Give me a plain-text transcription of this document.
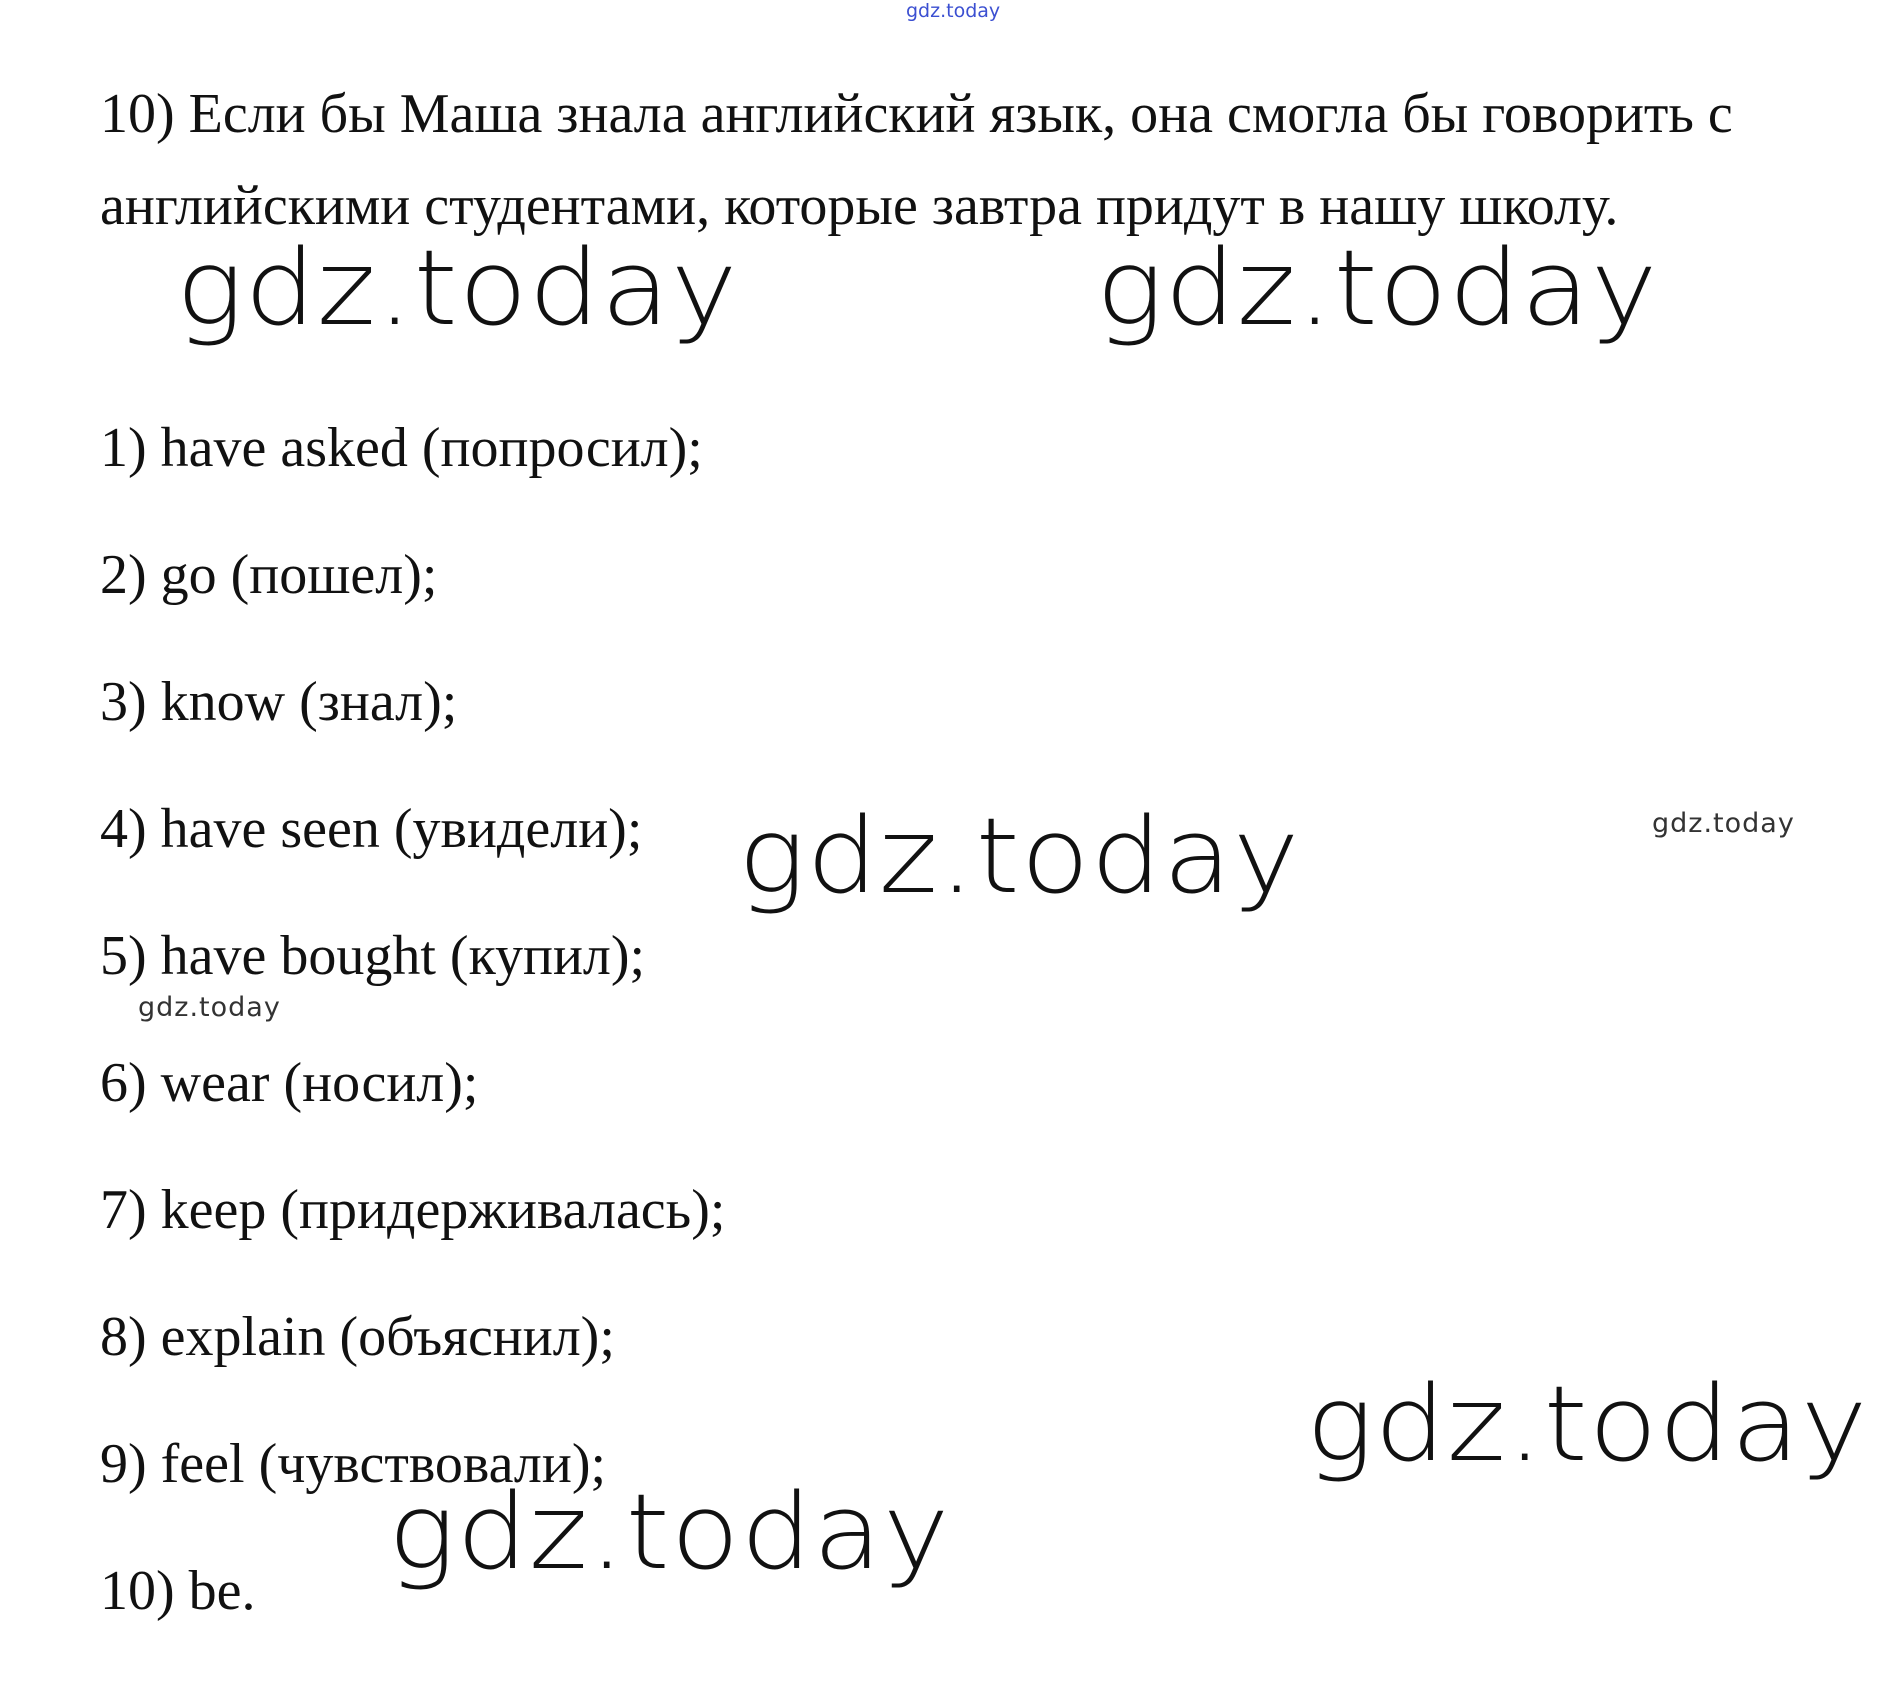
gdz.today

10) Если бы Маша знала английский язык, она смогла бы говорить с английскими студентами, которые завтра придут в нашу школу.

gdz.today	gdz.today
1) have asked (попросил);
2) go (пошел);
3) know (знал);
4) have seen (увидели);
5) have bought (купил);
6) wear (носил);
7) keep (придерживалась);
8) explain (объяснил);
9) feel (чувствовали);
10) be.
gdz.today	gdz.today
gdz.today
gdz.today
gdz.today
